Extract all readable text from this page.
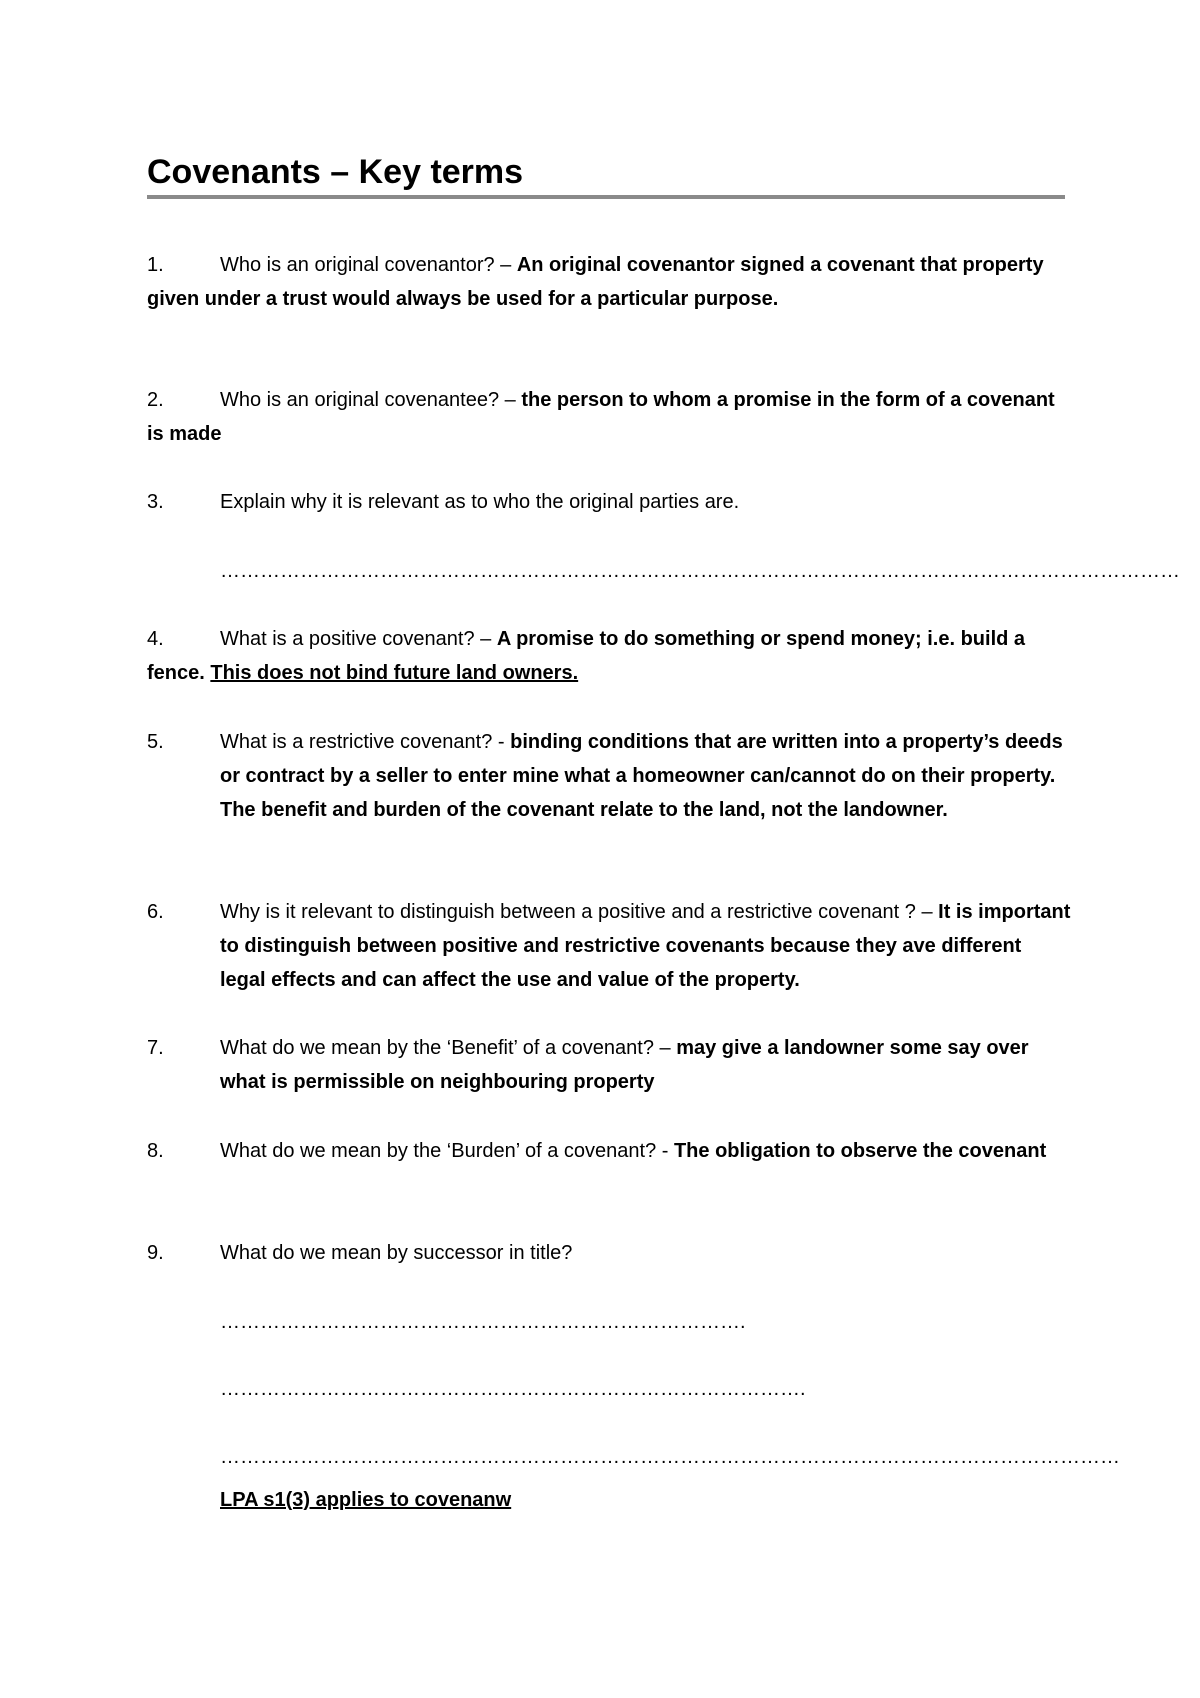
Covenants – Key terms
1.	Who is an original covenantor? – An original covenantor signed a covenant that property given under a trust would always be used for a particular purpose.
2.	Who is an original covenantee? – the person to whom a promise in the form of a covenant is made
3.	Explain why it is relevant as to who the original parties are.
………………………………………………………………………………………………………………………………
4.	What is a positive covenant? – A promise to do something or spend money; i.e. build a fence. This does not bind future land owners.
5.	What is a restrictive covenant? - binding conditions that are written into a property’s deeds or contract by a seller to enter mine what a homeowner can/cannot do on their property. The benefit and burden of the covenant relate to the land, not the landowner.
6.	Why is it relevant to distinguish between a positive and a restrictive covenant ? – It is important to distinguish between positive and restrictive covenants because they ave different legal effects and can affect the use and value of the property.
7.	What do we mean by the ‘Benefit’ of a covenant? – may give a landowner some say over what is permissible on neighbouring property
8.	What do we mean by the ‘Burden’ of a covenant? - The obligation to observe the covenant
9.	What do we mean by successor in title?
…………………………………………………………………….
…………………………………………………………………………….
………………………………………………………………………………………………………………………
LPA s1(3) applies to covenanw
